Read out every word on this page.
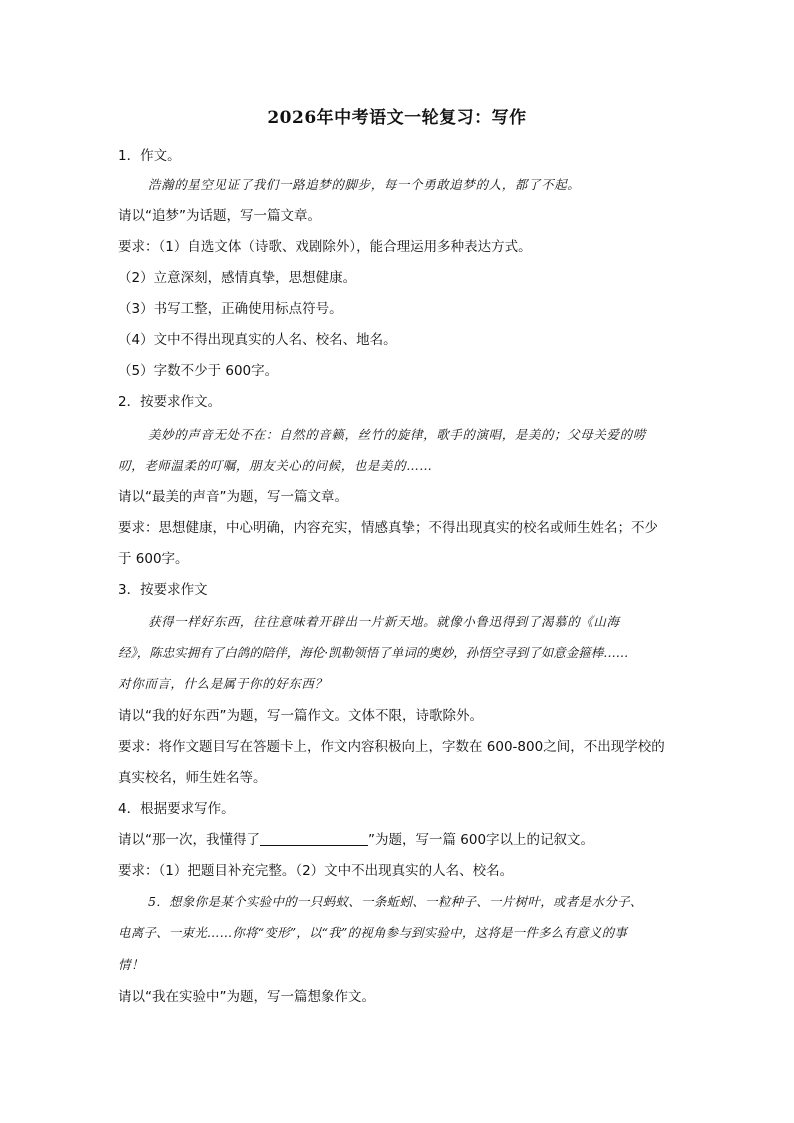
2026年中考语文一轮复习：写作
1．作文。
浩瀚的星空见证了我们一路追梦的脚步，每一个勇敢追梦的人，都了不起。
请以“追梦”为话题，写一篇文章。
要求：（1）自选文体（诗歌、戏剧除外），能合理运用多种表达方式。
（2）立意深刻，感情真挚，思想健康。
（3）书写工整，正确使用标点符号。
（4）文中不得出现真实的人名、校名、地名。
（5）字数不少于 600字。
2．按要求作文。
美妙的声音无处不在：自然的音籁，丝竹的旋律，歌手的演唱，是美的；父母关爱的唠
叨，老师温柔的叮嘱，朋友关心的问候，也是美的……
请以“最美的声音”为题，写一篇文章。
要求：思想健康，中心明确，内容充实，情感真挚；不得出现真实的校名或师生姓名；不少
于 600字。
3．按要求作文
获得一样好东西，往往意味着开辟出一片新天地。就像小鲁迅得到了渴慕的《山海
经》，陈忠实拥有了白鸽的陪伴，海伦·凯勒领悟了单词的奥妙，孙悟空寻到了如意金箍棒……
对你而言，什么是属于你的好东西？
请以“我的好东西”为题，写一篇作文。文体不限，诗歌除外。
要求：将作文题目写在答题卡上，作文内容积极向上，字数在 600-800之间，不出现学校的
真实校名，师生姓名等。
4．根据要求写作。
请以“那一次，我懂得了	”为题，写一篇 600字以上的记叙文。
要求：（1）把题目补充完整。（2）文中不出现真实的人名、校名。
5．想象你是某个实验中的一只蚂蚁、一条蚯蚓、一粒种子、一片树叶，或者是水分子、
电离子、一束光……你将“变形”，以“我”的视角参与到实验中，这将是一件多么有意义的事
情！
请以“我在实验中”为题，写一篇想象作文。
